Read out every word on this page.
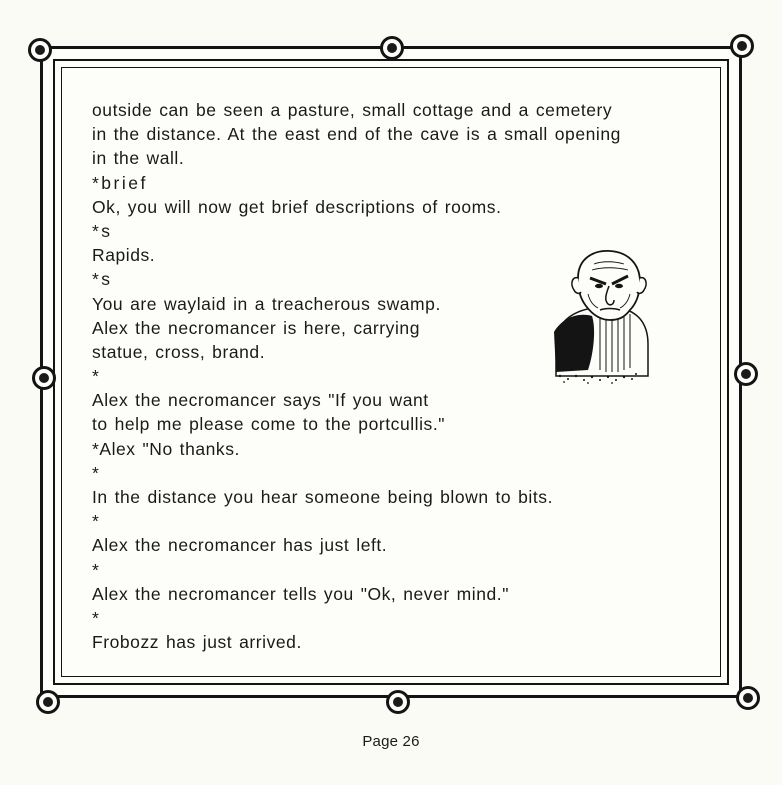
outside can be seen a pasture, small cottage and a cemetery
in the distance. At the east end of the cave is a small opening
in the wall.
*brief
Ok, you will now get brief descriptions of rooms.
*s
Rapids.
*s
You are waylaid in a treacherous swamp.
Alex the necromancer is here, carrying
statue, cross, brand.
*
Alex the necromancer says "If you want
to help me please come to the portcullis."
*Alex "No thanks.
*
In the distance you hear someone being blown to bits.
*
Alex the necromancer has just left.
*
Alex the necromancer tells you "Ok, never mind."
*
Frobozz has just arrived.
Page 26
